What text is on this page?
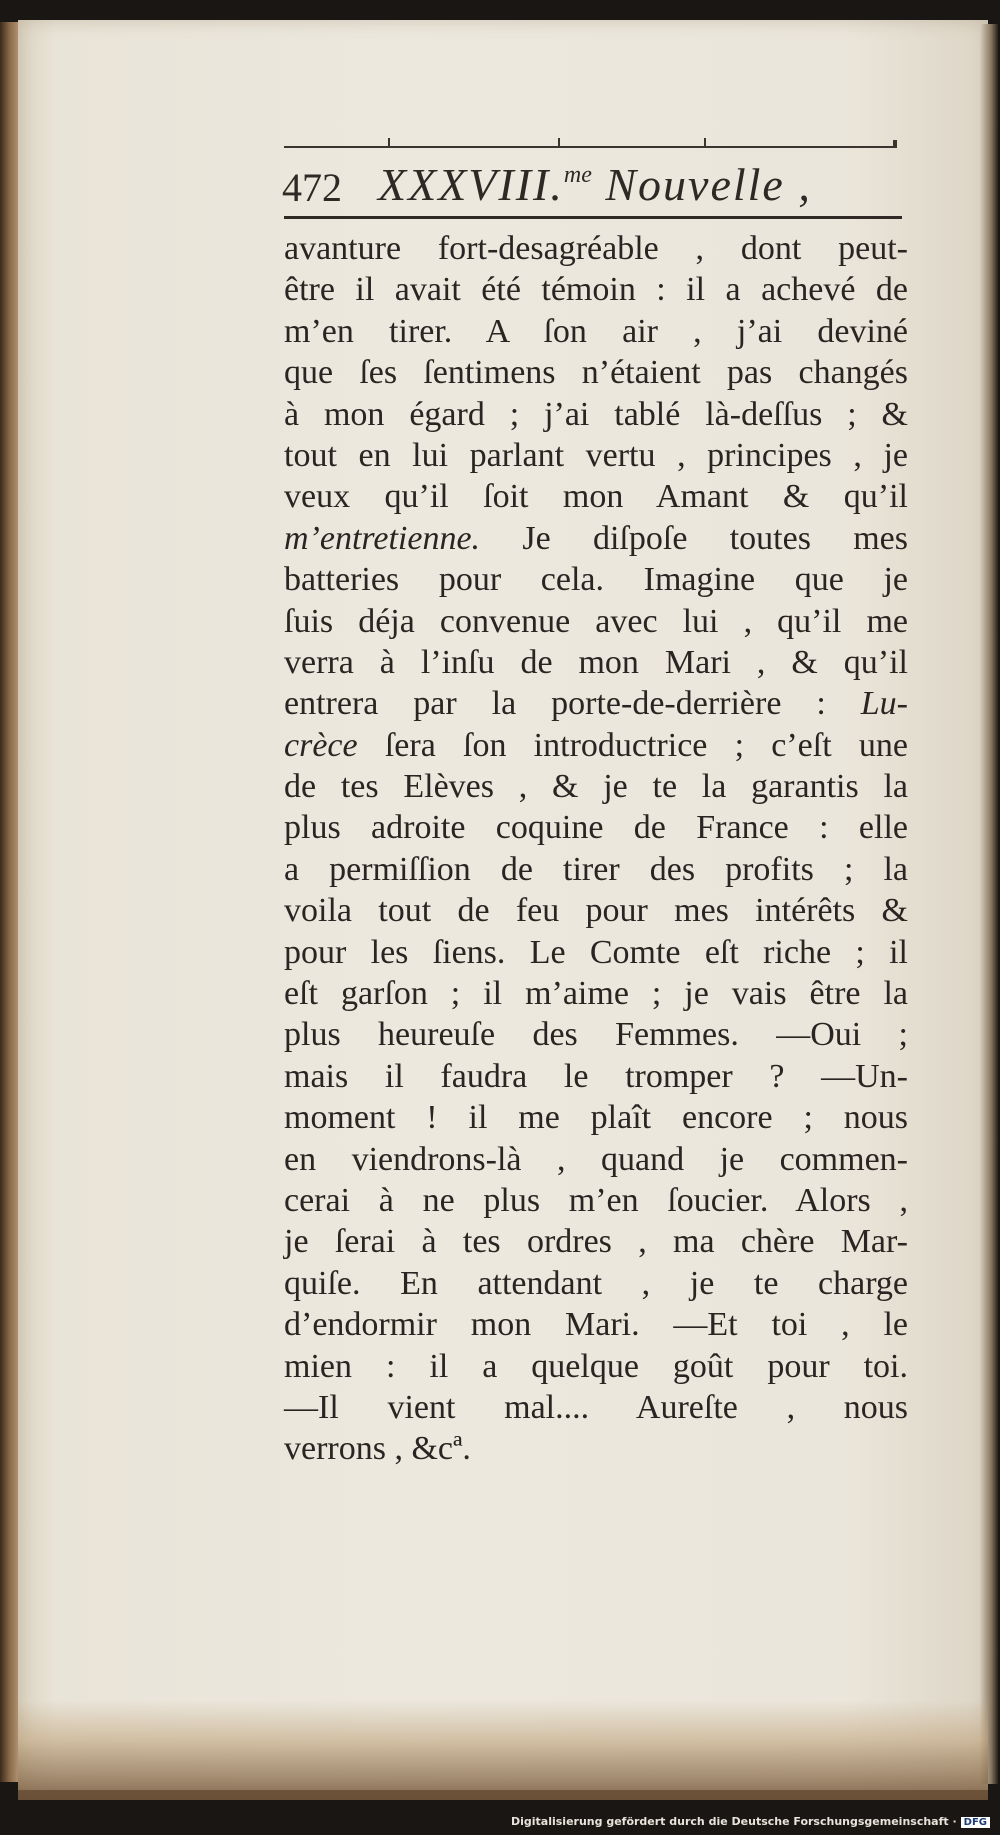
472 XXXVIII.$^{me}$ Nouvelle ,
avanture fort-desagréable , dont peut-
être il avait été témoin : il a achevé de
m’en tirer. A ſon air , j’ai deviné
que ſes ſentimens n’étaient pas changés
à mon égard ; j’ai tablé là-deſſus ; &
tout en lui parlant vertu , principes , je
veux qu’il ſoit mon Amant & qu’il
m’entretienne. Je diſpoſe toutes mes
batteries pour cela. Imagine que je
ſuis déja convenue avec lui , qu’il me
verra à l’inſu de mon Mari , & qu’il
entrera par la porte-de-derrière : Lu-
crèce ſera ſon introductrice ; c’eſt une
de tes Elèves , & je te la garantis la
plus adroite coquine de France : elle
a permiſſion de tirer des profits ; la
voila tout de feu pour mes intérêts &
pour les ſiens. Le Comte eſt riche ; il
eſt garſon ; il m’aime ; je vais être la
plus heureuſe des Femmes. —Oui ;
mais il faudra le tromper ? —Un-
moment ! il me plaît encore ; nous
en viendrons-là , quand je commen-
cerai à ne plus m’en ſoucier. Alors ,
je ſerai à tes ordres , ma chère Mar-
quiſe. En attendant , je te charge
d’endormir mon Mari. —Et toi , le
mien : il a quelque goût pour toi.
—Il vient mal.... Aureſte , nous
verrons , &cª.
Digitalisierung gefördert durch die Deutsche Forschungsgemeinschaft · DFG
